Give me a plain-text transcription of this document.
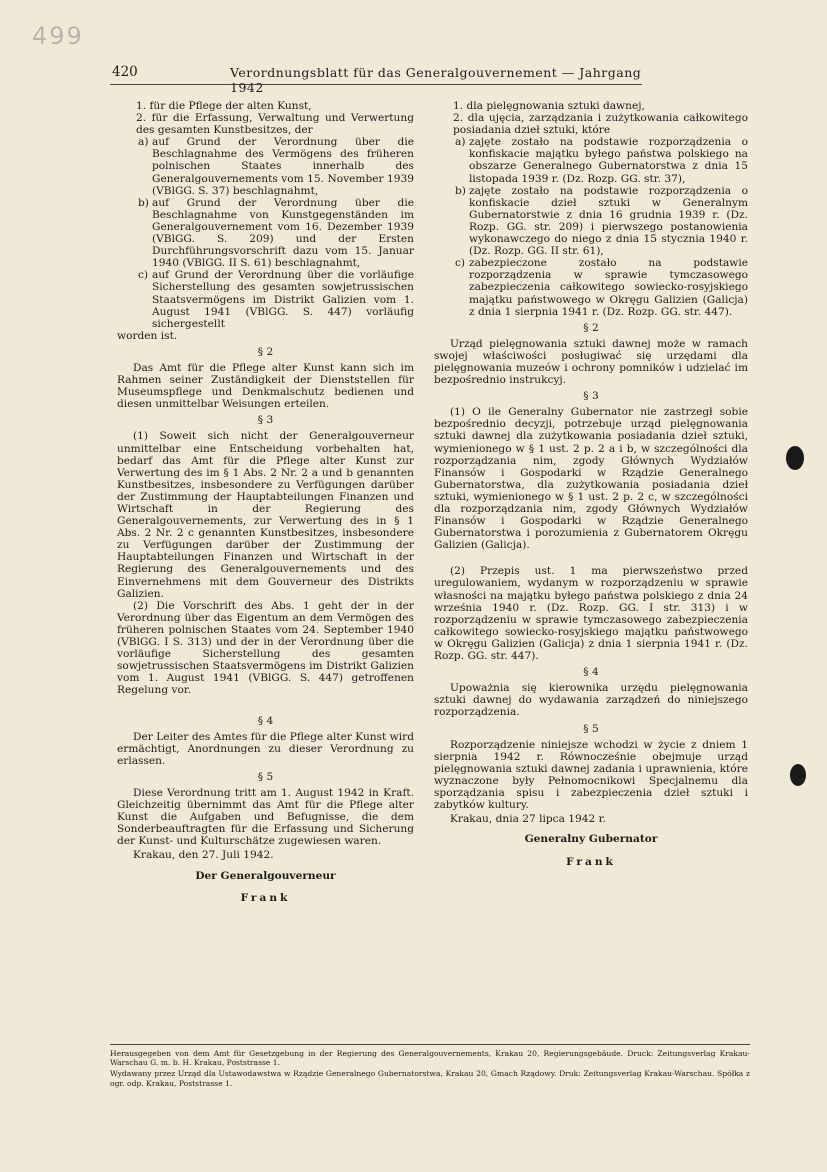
499
420	Verordnungsblatt für das Generalgouvernement — Jahrgang 1942
1. für die Pflege der alten Kunst,
2. für die Erfassung, Verwaltung und Verwertung des gesamten Kunstbesitzes, der
a) auf Grund der Verordnung über die Beschlagnahme des Vermögens des früheren polnischen Staates innerhalb des Generalgouvernements vom 15. November 1939 (VBlGG. S. 37) beschlagnahmt,
b) auf Grund der Verordnung über die Beschlagnahme von Kunstgegenständen im Generalgouvernement vom 16. Dezember 1939 (VBlGG. S. 209) und der Ersten Durchführungsvorschrift dazu vom 15. Januar 1940 (VBlGG. II S. 61) beschlagnahmt,
c) auf Grund der Verordnung über die vorläufige Sicherstellung des gesamten sowjetrussischen Staatsvermögens im Distrikt Galizien vom 1. August 1941 (VBlGG. S. 447) vorläufig sichergestellt

worden ist.

§ 2

Das Amt für die Pflege alter Kunst kann sich im Rahmen seiner Zuständigkeit der Dienststellen für Museumspflege und Denkmalschutz bedienen und diesen unmittelbar Weisungen erteilen.

§ 3

(1) Soweit sich nicht der Generalgouverneur unmittelbar eine Entscheidung vorbehalten hat, bedarf das Amt für die Pflege alter Kunst zur Verwertung des im § 1 Abs. 2 Nr. 2 a und b genannten Kunstbesitzes, insbesondere zu Verfügungen darüber der Zustimmung der Hauptabteilungen Finanzen und Wirtschaft in der Regierung des Generalgouvernements, zur Verwertung des in § 1 Abs. 2 Nr. 2 c genannten Kunstbesitzes, insbesondere zu Verfügungen darüber der Zustimmung der Hauptabteilungen Finanzen und Wirtschaft in der Regierung des Generalgouvernements und des Einvernehmens mit dem Gouverneur des Distrikts Galizien.

(2) Die Vorschrift des Abs. 1 geht der in der Verordnung über das Eigentum an dem Vermögen des früheren polnischen Staates vom 24. September 1940 (VBlGG. I S. 313) und der in der Verordnung über die vorläufige Sicherstellung des gesamten sowjetrussischen Staatsvermögens im Distrikt Galizien vom 1. August 1941 (VBlGG. S. 447) getroffenen Regelung vor.

§ 4

Der Leiter des Amtes für die Pflege alter Kunst wird ermächtigt, Anordnungen zu dieser Verordnung zu erlassen.

§ 5

Diese Verordnung tritt am 1. August 1942 in Kraft. Gleichzeitig übernimmt das Amt für die Pflege alter Kunst die Aufgaben und Befugnisse, die dem Sonderbeauftragten für die Erfassung und Sicherung der Kunst- und Kulturschätze zugewiesen waren.

Krakau, den 27. Juli 1942.

Der Generalgouverneur

Frank

1. dla pielęgnowania sztuki dawnej,
2. dla ujęcia, zarządzania i zużytkowania całkowitego posiadania dzieł sztuki, które
a) zajęte zostało na podstawie rozporządzenia o konfiskacie majątku byłego państwa polskiego na obszarze Generalnego Gubernatorstwa z dnia 15 listopada 1939 r. (Dz. Rozp. GG. str. 37),
b) zajęte zostało na podstawie rozporządzenia o konfiskacie dzieł sztuki w Generalnym Gubernatorstwie z dnia 16 grudnia 1939 r. (Dz. Rozp. GG. str. 209) i pierwszego postanowienia wykonawczego do niego z dnia 15 stycznia 1940 r. (Dz. Rozp. GG. II str. 61),
c) zabezpieczone zostało na podstawie rozporządzenia w sprawie tymczasowego zabezpieczenia całkowitego sowiecko-rosyjskiego majątku państwowego w Okręgu Galizien (Galicja) z dnia 1 sierpnia 1941 r. (Dz. Rozp. GG. str. 447).

§ 2

Urząd pielęgnowania sztuki dawnej może w ramach swojej właściwości posługiwać się urzędami dla pielęgnowania muzeów i ochrony pomników i udzielać im bezpośrednio instrukcyj.

§ 3

(1) O ile Generalny Gubernator nie zastrzegł sobie bezpośrednio decyzji, potrzebuje urząd pielęgnowania sztuki dawnej dla zużytkowania posiadania dzieł sztuki, wymienionego w § 1 ust. 2 p. 2 a i b, w szczególności dla rozporządzania nim, zgody Głównych Wydziałów Finansów i Gospodarki w Rządzie Generalnego Gubernatorstwa, dla zużytkowania posiadania dzieł sztuki, wymienionego w § 1 ust. 2 p. 2 c, w szczególności dla rozporządzania nim, zgody Głównych Wydziałów Finansów i Gospodarki w Rządzie Generalnego Gubernatorstwa i porozumienia z Gubernatorem Okręgu Galizien (Galicja).

(2) Przepis ust. 1 ma pierwszeństwo przed uregulowaniem, wydanym w rozporządzeniu w sprawie własności na majątku byłego państwa polskiego z dnia 24 września 1940 r. (Dz. Rozp. GG. I str. 313) i w rozporządzeniu w sprawie tymczasowego zabezpieczenia całkowitego sowiecko-rosyjskiego majątku państwowego w Okręgu Galizien (Galicja) z dnia 1 sierpnia 1941 r. (Dz. Rozp. GG. str. 447).

§ 4

Upoważnia się kierownika urzędu pielęgnowania sztuki dawnej do wydawania zarządzeń do niniejszego rozporządzenia.

§ 5

Rozporządzenie niniejsze wchodzi w życie z dniem 1 sierpnia 1942 r. Równocześnie obejmuje urząd pielęgnowania sztuki dawnej zadania i uprawnienia, które wyznaczone były Pełnomocnikowi Specjalnemu dla sporządzania spisu i zabezpieczenia dzieł sztuki i zabytków kultury.

Krakau, dnia 27 lipca 1942 r.

Generalny Gubernator

Frank

Herausgegeben von dem Amt für Gesetzgebung in der Regierung des Generalgouvernements, Krakau 20, Regierungsgebäude. Druck: Zeitungsverlag Krakau-Warschau G. m. b. H. Krakau, Poststrasse 1.

Wydawany przez Urząd dla Ustawodawstwa w Rządzie Generalnego Gubernatorstwa, Krakau 20, Gmach Rządowy. Druk: Zeitungsverlag Krakau-Warschau. Spółka z ogr. odp. Krakau, Poststrasse 1.
